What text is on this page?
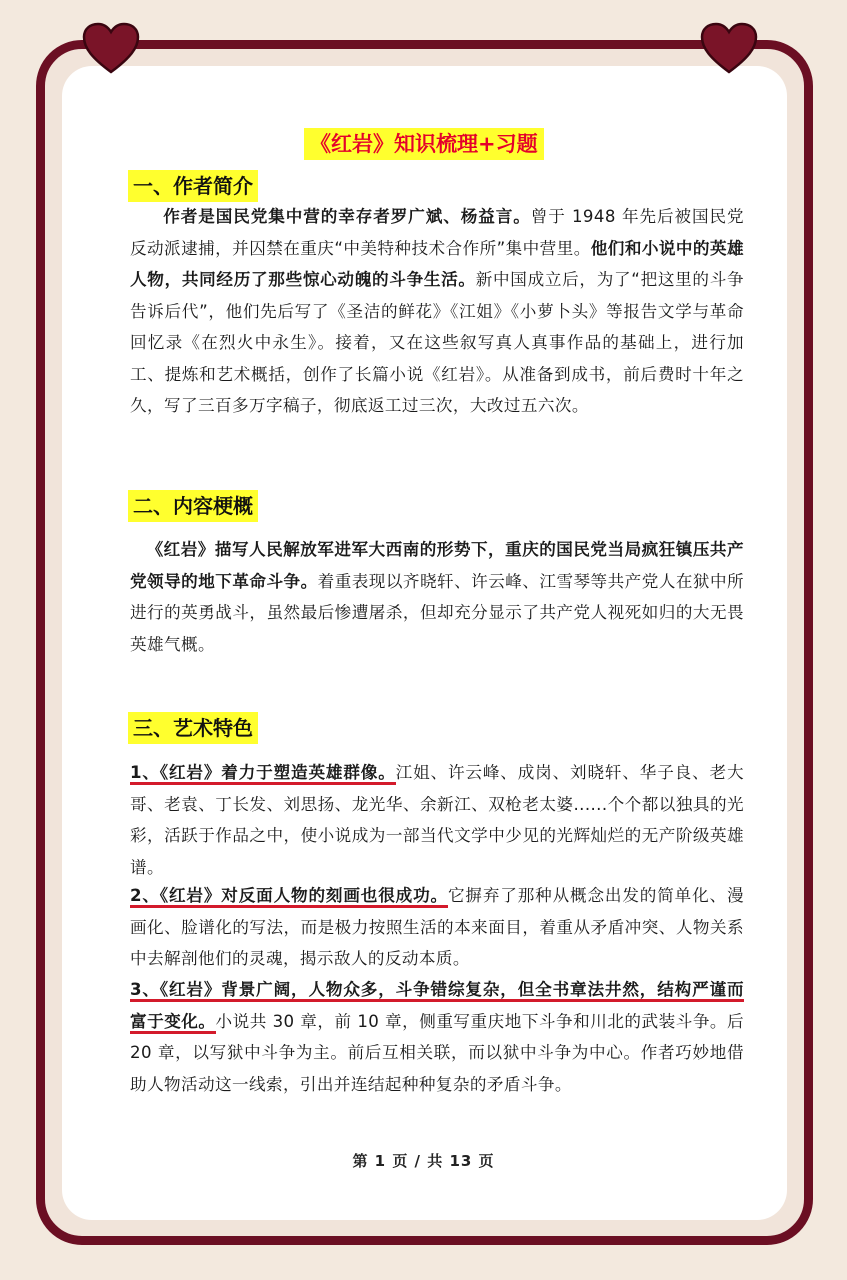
《红岩》知识梳理+习题
一、作者简介
作者是国民党集中营的幸存者罗广斌、杨益言。曾于 1948 年先后被国民党反动派逮捕，并囚禁在重庆“中美特种技术合作所”集中营里。他们和小说中的英雄人物，共同经历了那些惊心动魄的斗争生活。新中国成立后，为了“把这里的斗争告诉后代”，他们先后写了《圣洁的鲜花》《江姐》《小萝卜头》等报告文学与革命回忆录《在烈火中永生》。接着，又在这些叙写真人真事作品的基础上，进行加工、提炼和艺术概括，创作了长篇小说《红岩》。从准备到成书，前后费时十年之久，写了三百多万字稿子，彻底返工过三次，大改过五六次。
二、内容梗概
《红岩》描写人民解放军进军大西南的形势下，重庆的国民党当局疯狂镇压共产党领导的地下革命斗争。着重表现以齐晓轩、许云峰、江雪琴等共产党人在狱中所进行的英勇战斗，虽然最后惨遭屠杀，但却充分显示了共产党人视死如归的大无畏英雄气概。
三、艺术特色
1、《红岩》着力于塑造英雄群像。江姐、许云峰、成岗、刘晓轩、华子良、老大哥、老袁、丁长发、刘思扬、龙光华、余新江、双枪老太婆......个个都以独具的光彩，活跃于作品之中，使小说成为一部当代文学中少见的光辉灿烂的无产阶级英雄谱。
2、《红岩》对反面人物的刻画也很成功。它摒弃了那种从概念出发的简单化、漫画化、脸谱化的写法，而是极力按照生活的本来面目，着重从矛盾冲突、人物关系中去解剖他们的灵魂，揭示敌人的反动本质。
3、《红岩》背景广阔，人物众多，斗争错综复杂，但全书章法井然，结构严谨而富于变化。小说共 30 章，前 10 章，侧重写重庆地下斗争和川北的武装斗争。后 20 章，以写狱中斗争为主。前后互相关联，而以狱中斗争为中心。作者巧妙地借助人物活动这一线索，引出并连结起种种复杂的矛盾斗争。
第 1 页 / 共 13 页
